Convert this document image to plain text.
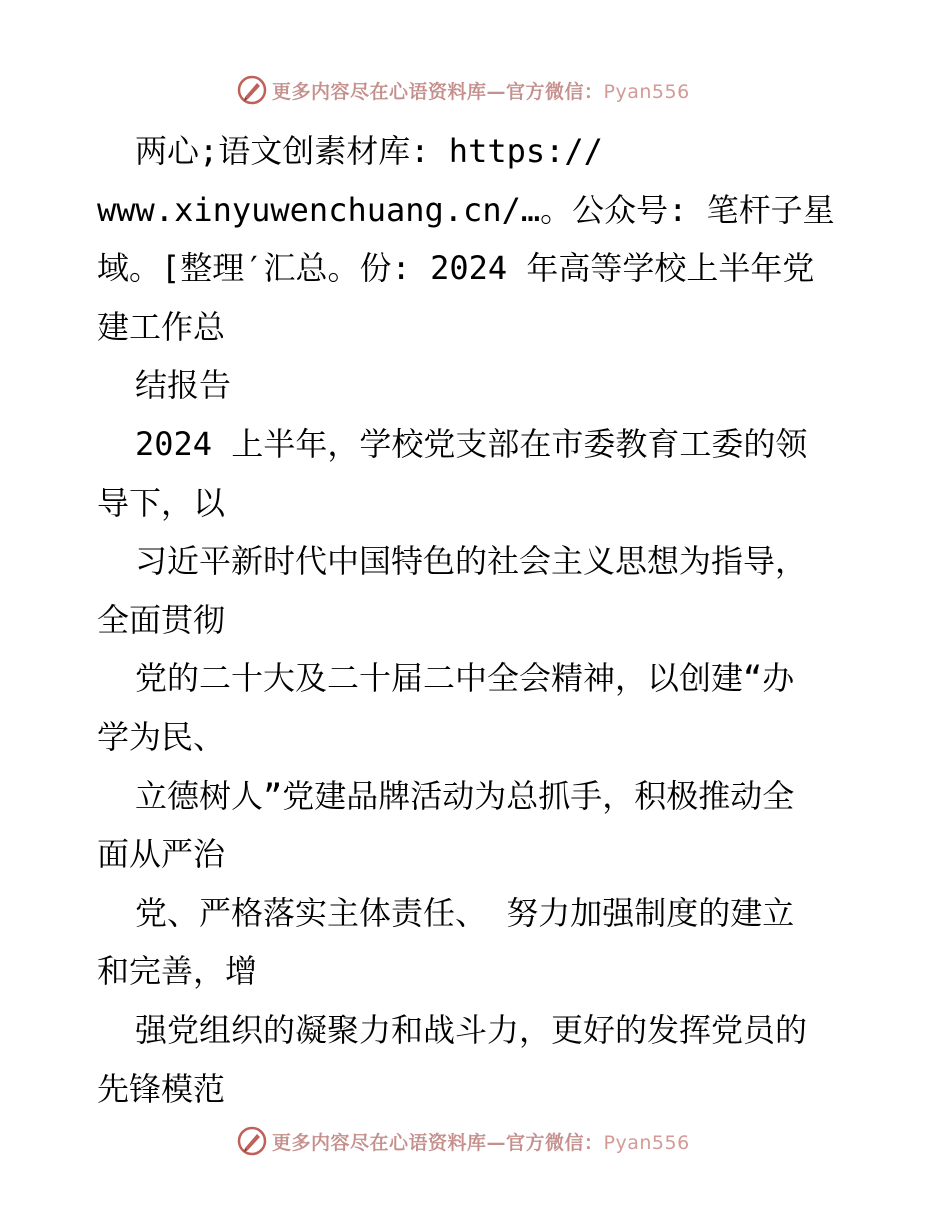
更多内容尽在心语资料库—官方微信：Pyan556
两心;语文创素材库: https://
www.xinyuwenchuang.cn/…。公众号: 笔杆子星
域。[整理′汇总。份: 2024 年高等学校上半年党
建工作总
结报告
2024 上半年，学校党支部在市委教育工委的领
导下，以
习近平新时代中国特色的社会主义思想为指导，
全面贯彻
党的二十大及二十届二中全会精神，以创建“办
学为民、
立德树人”党建品牌活动为总抓手，积极推动全
面从严治
党、严格落实主体责任、 努力加强制度的建立
和完善，增
强党组织的凝聚力和战斗力，更好的发挥党员的
先锋模范
更多内容尽在心语资料库—官方微信：Pyan556
